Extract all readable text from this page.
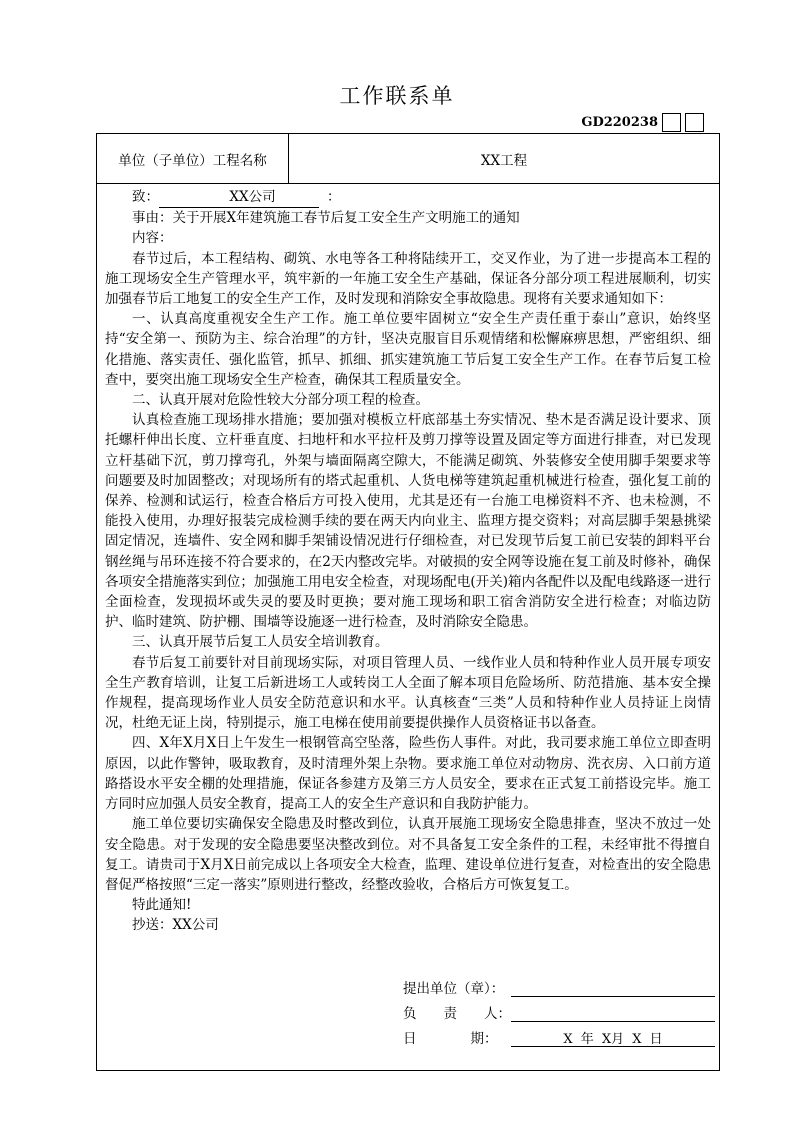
工作联系单
GD220238
单位（子单位）工程名称	XX工程
致：	XX公司	：
事由：关于开展X年建筑施工春节后复工安全生产文明施工的通知
内容：

春节过后，本工程结构、砌筑、水电等各工种将陆续开工，交叉作业，为了进一步提高本工程的施工现场安全生产管理水平，筑牢新的一年施工安全生产基础，保证各分部分项工程进展顺利，切实加强春节后工地复工的安全生产工作，及时发现和消除安全事故隐患。现将有关要求通知如下：

一、认真高度重视安全生产工作。施工单位要牢固树立“安全生产责任重于泰山”意识，始终坚持“安全第一、预防为主、综合治理”的方针，坚决克服盲目乐观情绪和松懈麻痹思想，严密组织、细化措施、落实责任、强化监管，抓早、抓细、抓实建筑施工节后复工安全生产工作。在春节后复工检查中，要突出施工现场安全生产检查，确保其工程质量安全。

二、认真开展对危险性较大分部分项工程的检查。

认真检查施工现场排水措施；要加强对模板立杆底部基土夯实情况、垫木是否满足设计要求、顶托螺杆伸出长度、立杆垂直度、扫地杆和水平拉杆及剪刀撑等设置及固定等方面进行排查，对已发现立杆基础下沉，剪刀撑弯孔，外架与墙面隔离空隙大，不能满足砌筑、外装修安全使用脚手架要求等问题要及时加固整改；对现场所有的塔式起重机、人货电梯等建筑起重机械进行检查，强化复工前的保养、检测和试运行，检查合格后方可投入使用，尤其是还有一台施工电梯资料不齐、也未检测，不能投入使用，办理好报装完成检测手续的要在两天内向业主、监理方提交资料；对高层脚手架悬挑梁固定情况，连墙件、安全网和脚手架铺设情况进行仔细检查，对已发现节后复工前已安装的卸料平台钢丝绳与吊环连接不符合要求的，在2天内整改完毕。对破损的安全网等设施在复工前及时修补，确保各项安全措施落实到位；加强施工用电安全检查，对现场配电(开关)箱内各配件以及配电线路逐一进行全面检查，发现损坏或失灵的要及时更换；要对施工现场和职工宿舍消防安全进行检查；对临边防护、临时建筑、防护棚、围墙等设施逐一进行检查，及时消除安全隐患。

三、认真开展节后复工人员安全培训教育。

春节后复工前要针对目前现场实际，对项目管理人员、一线作业人员和特种作业人员开展专项安全生产教育培训，让复工后新进场工人或转岗工人全面了解本项目危险场所、防范措施、基本安全操作规程，提高现场作业人员安全防范意识和水平。认真核查“三类”人员和特种作业人员持证上岗情况，杜绝无证上岗，特别提示，施工电梯在使用前要提供操作人员资格证书以备查。

四、X年X月X日上午发生一根钢管高空坠落，险些伤人事件。对此，我司要求施工单位立即查明原因，以此作警钟，吸取教育，及时清理外架上杂物。要求施工单位对动物房、洗衣房、入口前方道路搭设水平安全棚的处理措施，保证各参建方及第三方人员安全，要求在正式复工前搭设完毕。施工方同时应加强人员安全教育，提高工人的安全生产意识和自我防护能力。

施工单位要切实确保安全隐患及时整改到位，认真开展施工现场安全隐患排查，坚决不放过一处安全隐患。对于发现的安全隐患要坚决整改到位。对不具备复工安全条件的工程，未经审批不得擅自复工。请贵司于X月X日前完成以上各项安全大检查，监理、建设单位进行复查，对检查出的安全隐患督促严格按照“三定一落实”原则进行整改，经整改验收，合格后方可恢复复工。

特此通知!

抄送：XX公司

提出单位（章）：
负　　责　　人：
日　　　　期：	X 年 X月 X 日
